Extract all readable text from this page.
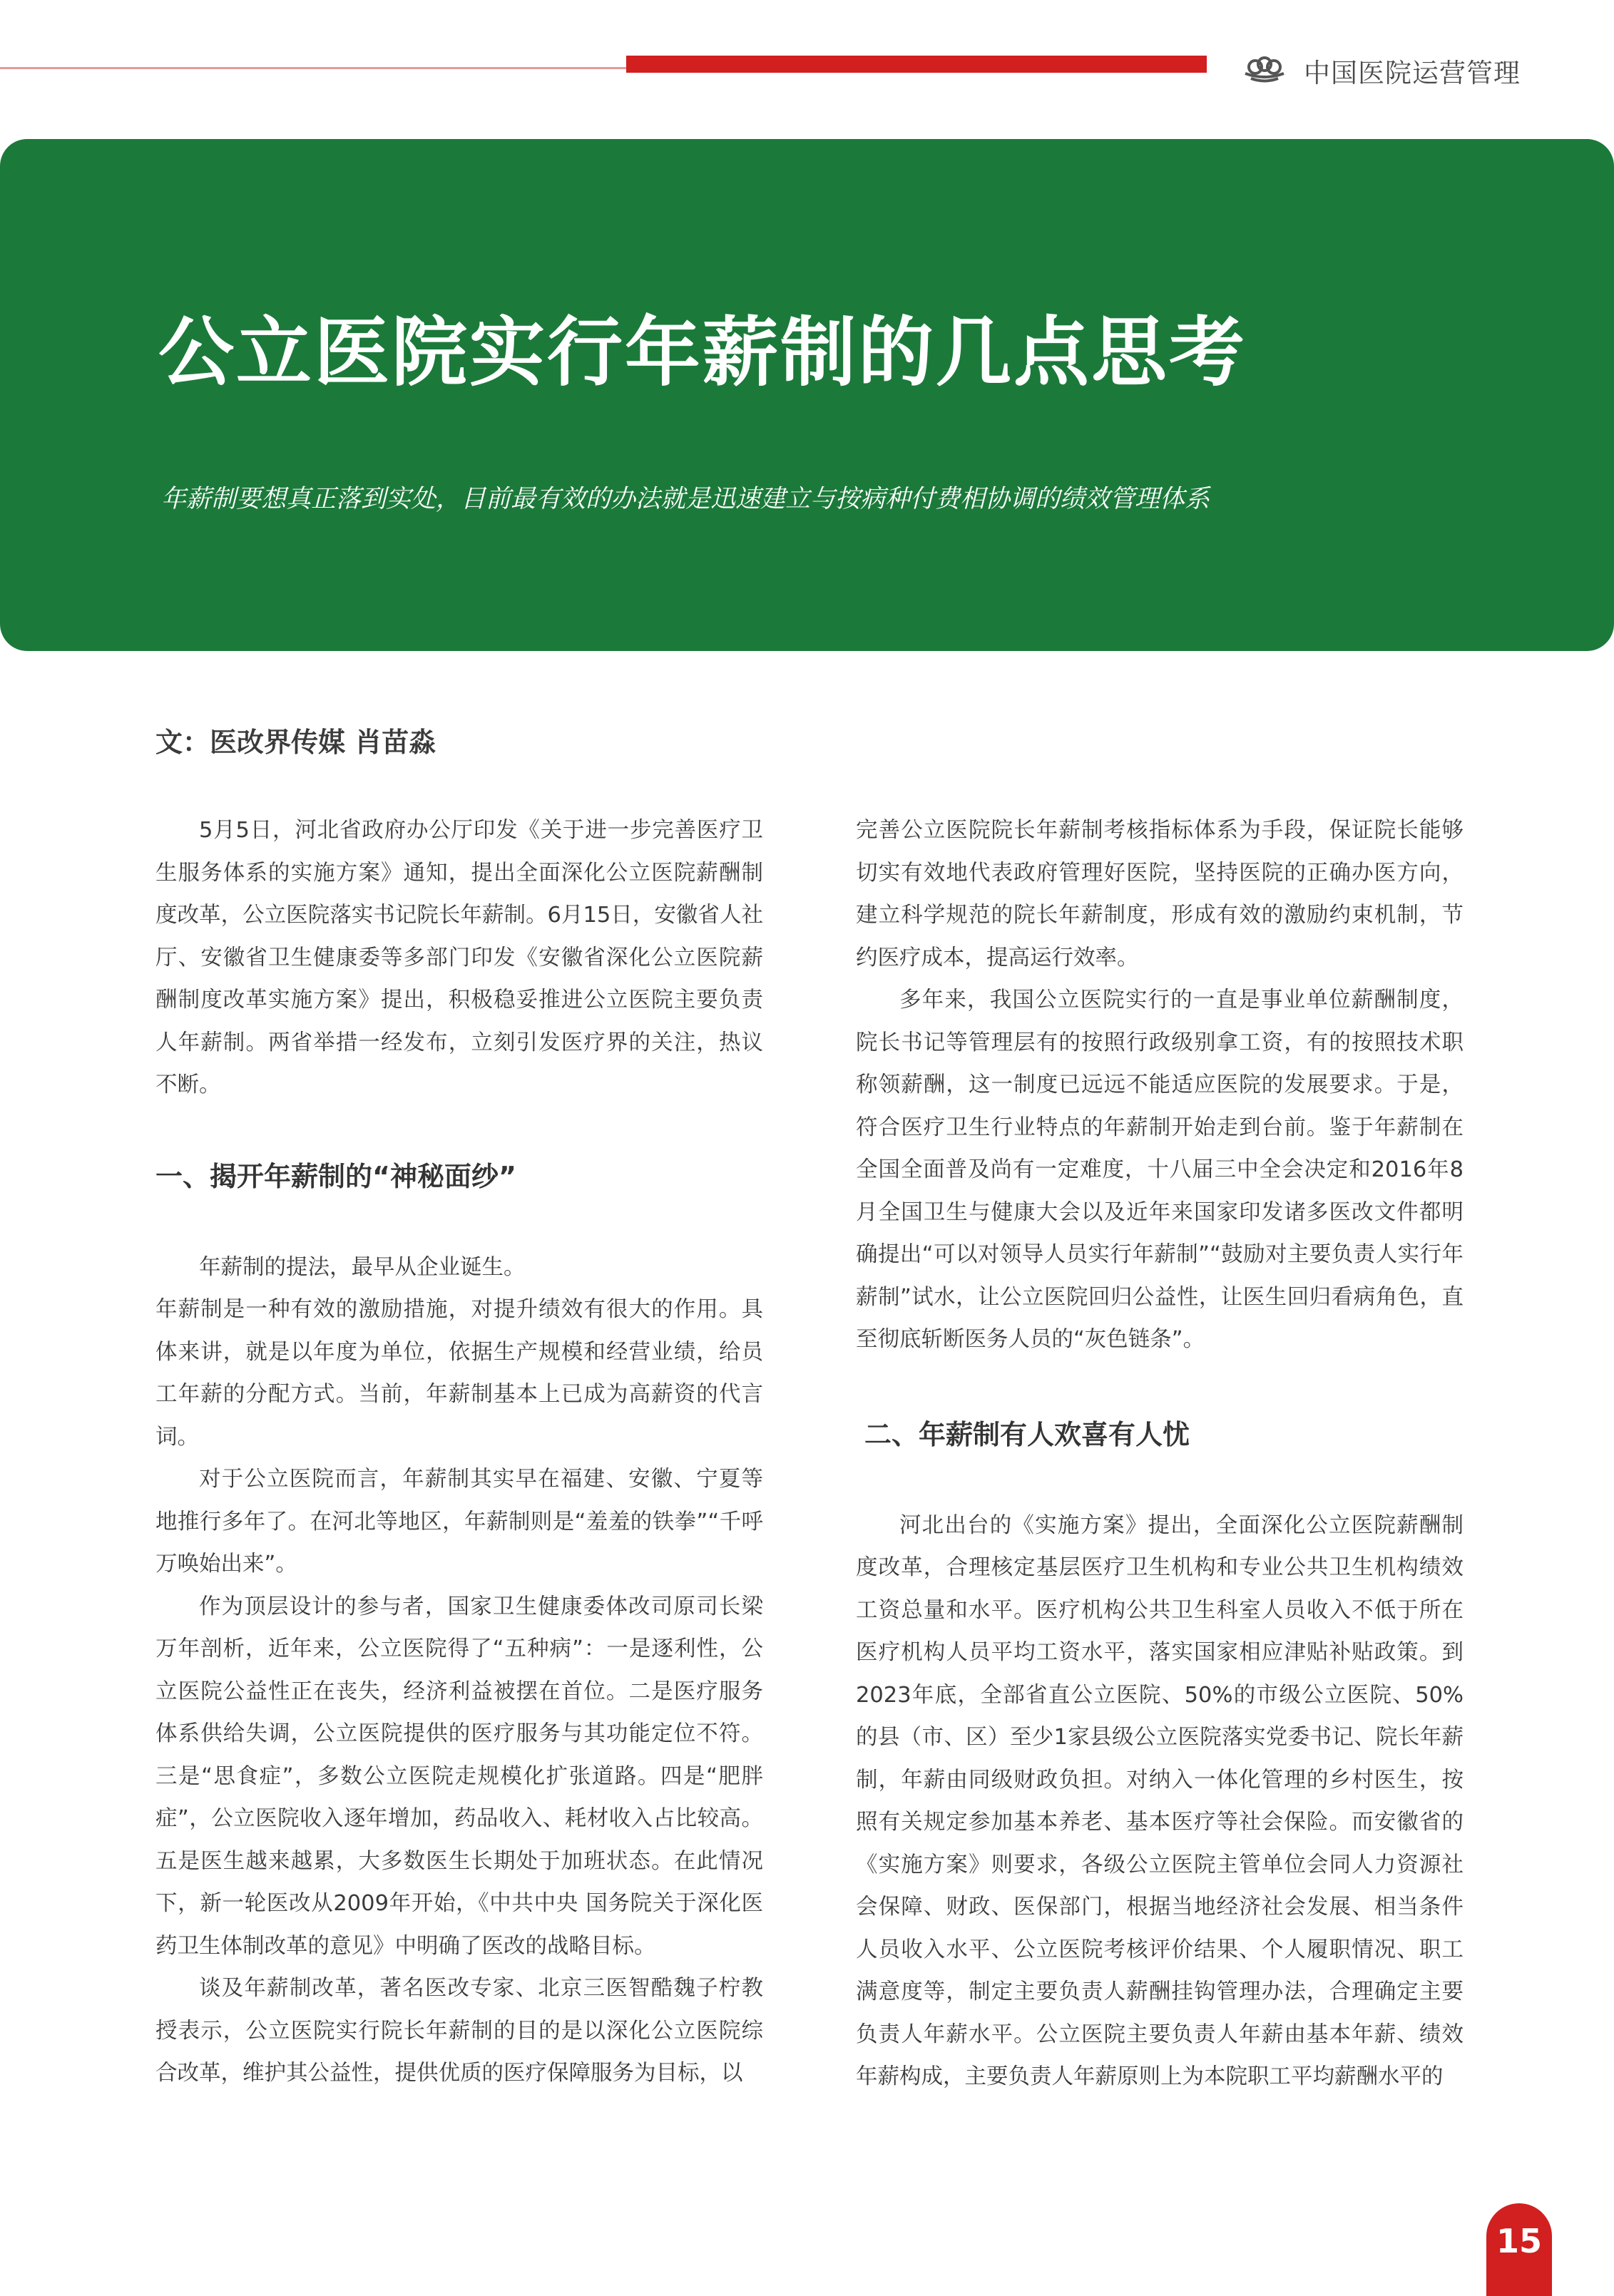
中国医院运营管理
公立医院实行年薪制的几点思考

年薪制要想真正落到实处，目前最有效的办法就是迅速建立与按病种付费相协调的绩效管理体系

文：医改界传媒 肖苗淼

5月5日，河北省政府办公厅印发《关于进一步完善医疗卫生服务体系的实施方案》通知，提出全面深化公立医院薪酬制度改革，公立医院落实书记院长年薪制。6月15日，安徽省人社厅、安徽省卫生健康委等多部门印发《安徽省深化公立医院薪酬制度改革实施方案》提出，积极稳妥推进公立医院主要负责人年薪制。两省举措一经发布，立刻引发医疗界的关注，热议不断。

一、揭开年薪制的“神秘面纱”

年薪制的提法，最早从企业诞生。

年薪制是一种有效的激励措施，对提升绩效有很大的作用。具体来讲，就是以年度为单位，依据生产规模和经营业绩，给员工年薪的分配方式。当前，年薪制基本上已成为高薪资的代言词。

对于公立医院而言，年薪制其实早在福建、安徽、宁夏等地推行多年了。在河北等地区，年薪制则是“羞羞的铁拳”“千呼万唤始出来”。

作为顶层设计的参与者，国家卫生健康委体改司原司长梁万年剖析，近年来，公立医院得了“五种病”：一是逐利性，公立医院公益性正在丧失，经济利益被摆在首位。二是医疗服务体系供给失调，公立医院提供的医疗服务与其功能定位不符。三是“思食症”，多数公立医院走规模化扩张道路。四是“肥胖症”，公立医院收入逐年增加，药品收入、耗材收入占比较高。五是医生越来越累，大多数医生长期处于加班状态。在此情况下，新一轮医改从2009年开始，《中共中央 国务院关于深化医药卫生体制改革的意见》中明确了医改的战略目标。

谈及年薪制改革，著名医改专家、北京三医智酷魏子柠教授表示，公立医院实行院长年薪制的目的是以深化公立医院综合改革，维护其公益性，提供优质的医疗保障服务为目标，以

完善公立医院院长年薪制考核指标体系为手段，保证院长能够切实有效地代表政府管理好医院，坚持医院的正确办医方向，建立科学规范的院长年薪制度，形成有效的激励约束机制，节约医疗成本，提高运行效率。

多年来，我国公立医院实行的一直是事业单位薪酬制度，院长书记等管理层有的按照行政级别拿工资，有的按照技术职称领薪酬，这一制度已远远不能适应医院的发展要求。于是，符合医疗卫生行业特点的年薪制开始走到台前。鉴于年薪制在全国全面普及尚有一定难度，十八届三中全会决定和2016年8月全国卫生与健康大会以及近年来国家印发诸多医改文件都明确提出“可以对领导人员实行年薪制”“鼓励对主要负责人实行年薪制”试水，让公立医院回归公益性，让医生回归看病角色，直至彻底斩断医务人员的“灰色链条”。

二、年薪制有人欢喜有人忧

河北出台的《实施方案》提出，全面深化公立医院薪酬制度改革，合理核定基层医疗卫生机构和专业公共卫生机构绩效工资总量和水平。医疗机构公共卫生科室人员收入不低于所在医疗机构人员平均工资水平，落实国家相应津贴补贴政策。到2023年底，全部省直公立医院、50%的市级公立医院、50%的县（市、区）至少1家县级公立医院落实党委书记、院长年薪制，年薪由同级财政负担。对纳入一体化管理的乡村医生，按照有关规定参加基本养老、基本医疗等社会保险。而安徽省的《实施方案》则要求，各级公立医院主管单位会同人力资源社会保障、财政、医保部门，根据当地经济社会发展、相当条件人员收入水平、公立医院考核评价结果、个人履职情况、职工满意度等，制定主要负责人薪酬挂钩管理办法，合理确定主要负责人年薪水平。公立医院主要负责人年薪由基本年薪、绩效年薪构成，主要负责人年薪原则上为本院职工平均薪酬水平的

15
